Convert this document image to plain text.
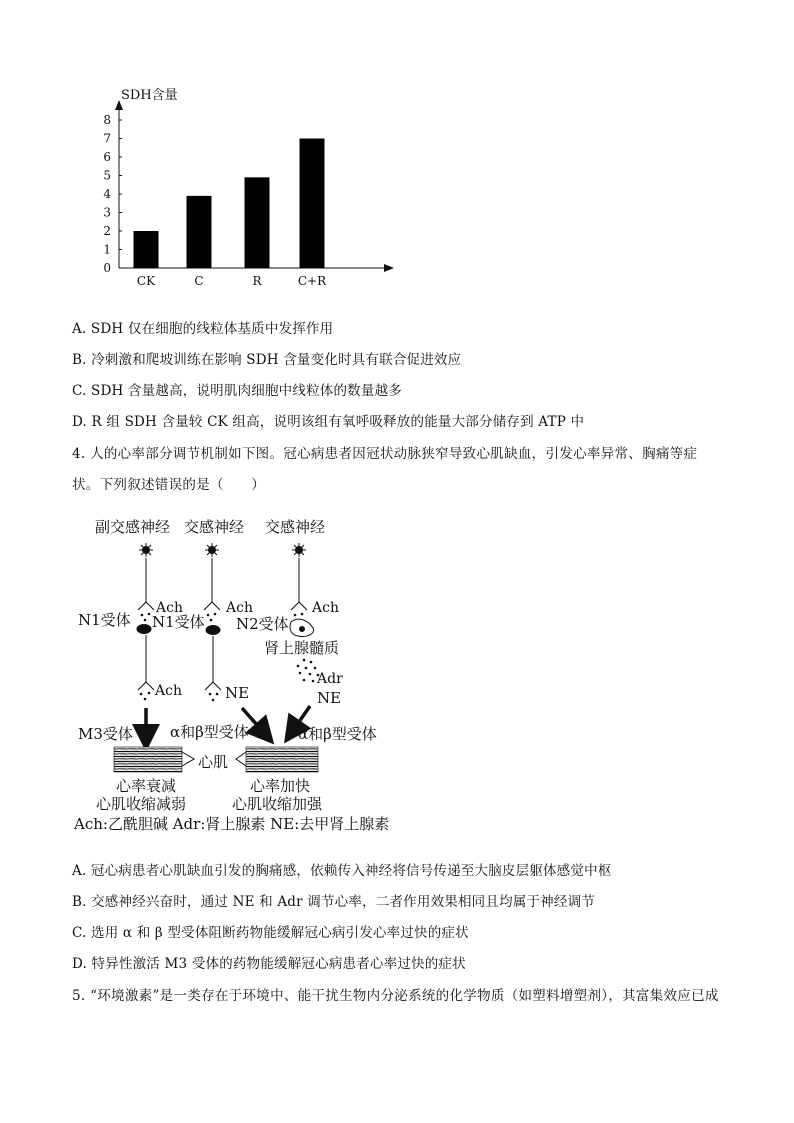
SDH含量
0
1
2
3
4
5
6
7
8
CK	C	R	C+R
A. SDH 仅在细胞的线粒体基质中发挥作用
B. 冷刺激和爬坡训练在影响 SDH 含量变化时具有联合促进效应
C. SDH 含量越高，说明肌肉细胞中线粒体的数量越多
D. R 组 SDH 含量较 CK 组高，说明该组有氧呼吸释放的能量大部分储存到 ATP 中
4. 人的心率部分调节机制如下图。冠心病患者因冠状动脉狭窄导致心肌缺血，引发心率异常、胸痛等症
状。下列叙述错误的是（　　）
副交感神经 交感神经 交感神经
Ach	Ach	Ach
N1受体 N1受体 N2受体
肾上腺髓质
Ach	NE
Adr
NE
M3受体 α和β型受体	α和β型受体
心肌
心率衰减
心肌收缩减弱
心率加快
心肌收缩加强
Ach:乙酰胆碱 Adr:肾上腺素 NE:去甲肾上腺素
A. 冠心病患者心肌缺血引发的胸痛感，依赖传入神经将信号传递至大脑皮层躯体感觉中枢
B. 交感神经兴奋时，通过 NE 和 Adr 调节心率，二者作用效果相同且均属于神经调节
C. 选用 α 和 β 型受体阻断药物能缓解冠心病引发心率过快的症状
D. 特异性激活 M3 受体的药物能缓解冠心病患者心率过快的症状
5. “环境激素”是一类存在于环境中、能干扰生物内分泌系统的化学物质（如塑料增塑剂），其富集效应已成
